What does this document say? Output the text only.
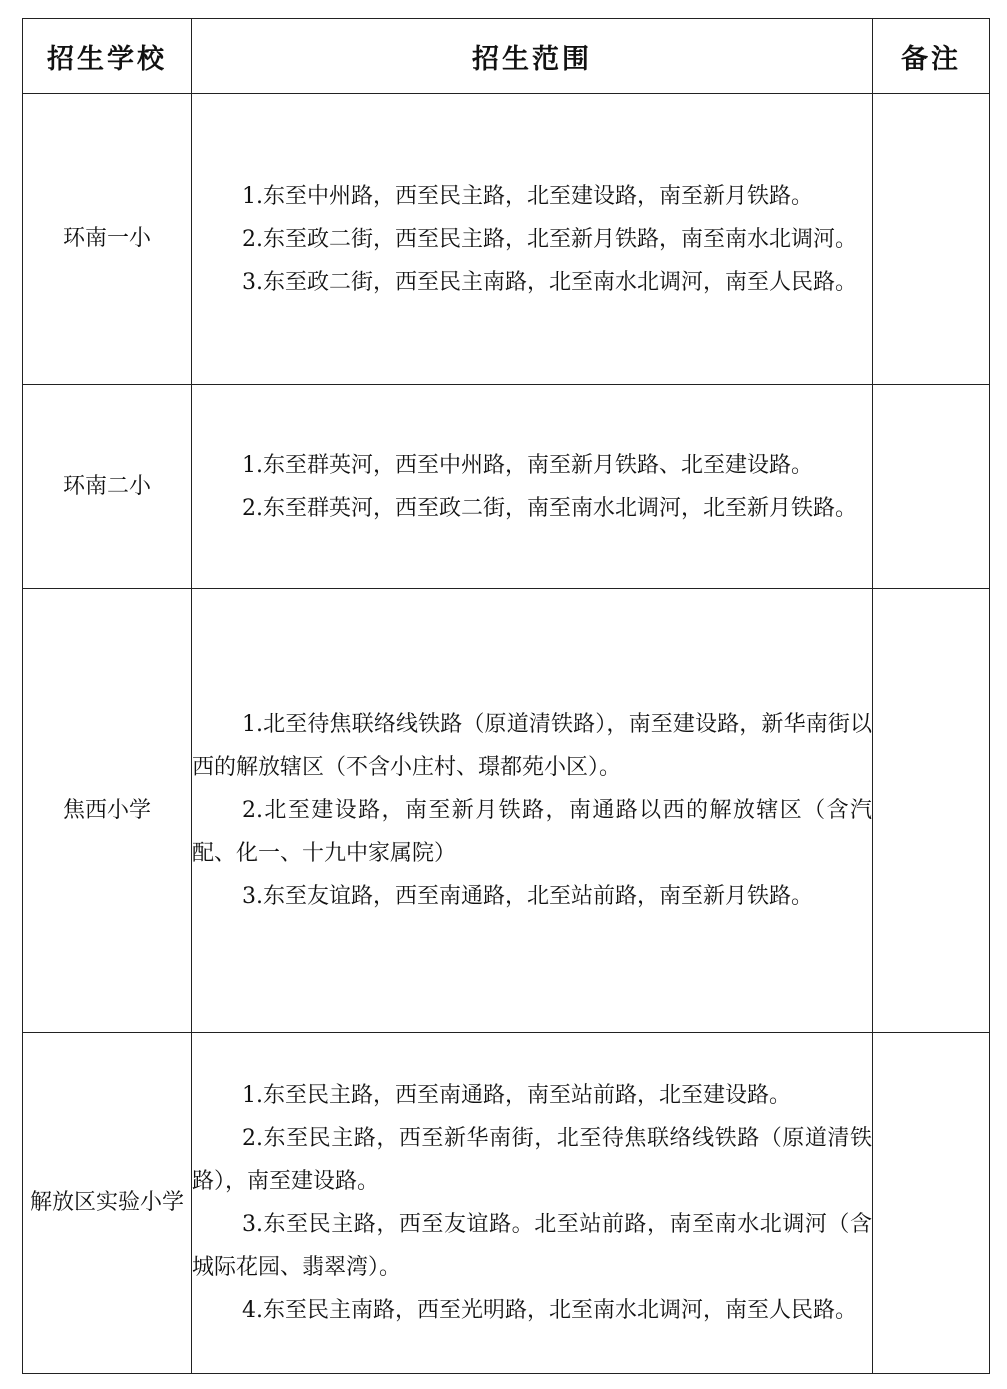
招生学校	招生范围	备注
环南一小	1.东至中州路，西至民主路，北至建设路，南至新月铁路。

2.东至政二街，西至民主路，北至新月铁路，南至南水北调河。

3.东至政二街，西至民主南路，北至南水北调河，南至人民路。	

环南二小	1.东至群英河，西至中州路，南至新月铁路、北至建设路。

2.东至群英河，西至政二街，南至南水北调河，北至新月铁路。	

焦西小学	1.北至待焦联络线铁路（原道清铁路），南至建设路，新华南街以西的解放辖区（不含小庄村、璟都苑小区）。

2.北至建设路，南至新月铁路，南通路以西的解放辖区（含汽配、化一、十九中家属院）

3.东至友谊路，西至南通路，北至站前路，南至新月铁路。	

解放区实验小学	1.东至民主路，西至南通路，南至站前路，北至建设路。

2.东至民主路，西至新华南街，北至待焦联络线铁路（原道清铁路），南至建设路。

3.东至民主路，西至友谊路。北至站前路，南至南水北调河（含城际花园、翡翠湾）。

4.东至民主南路，西至光明路，北至南水北调河，南至人民路。	
